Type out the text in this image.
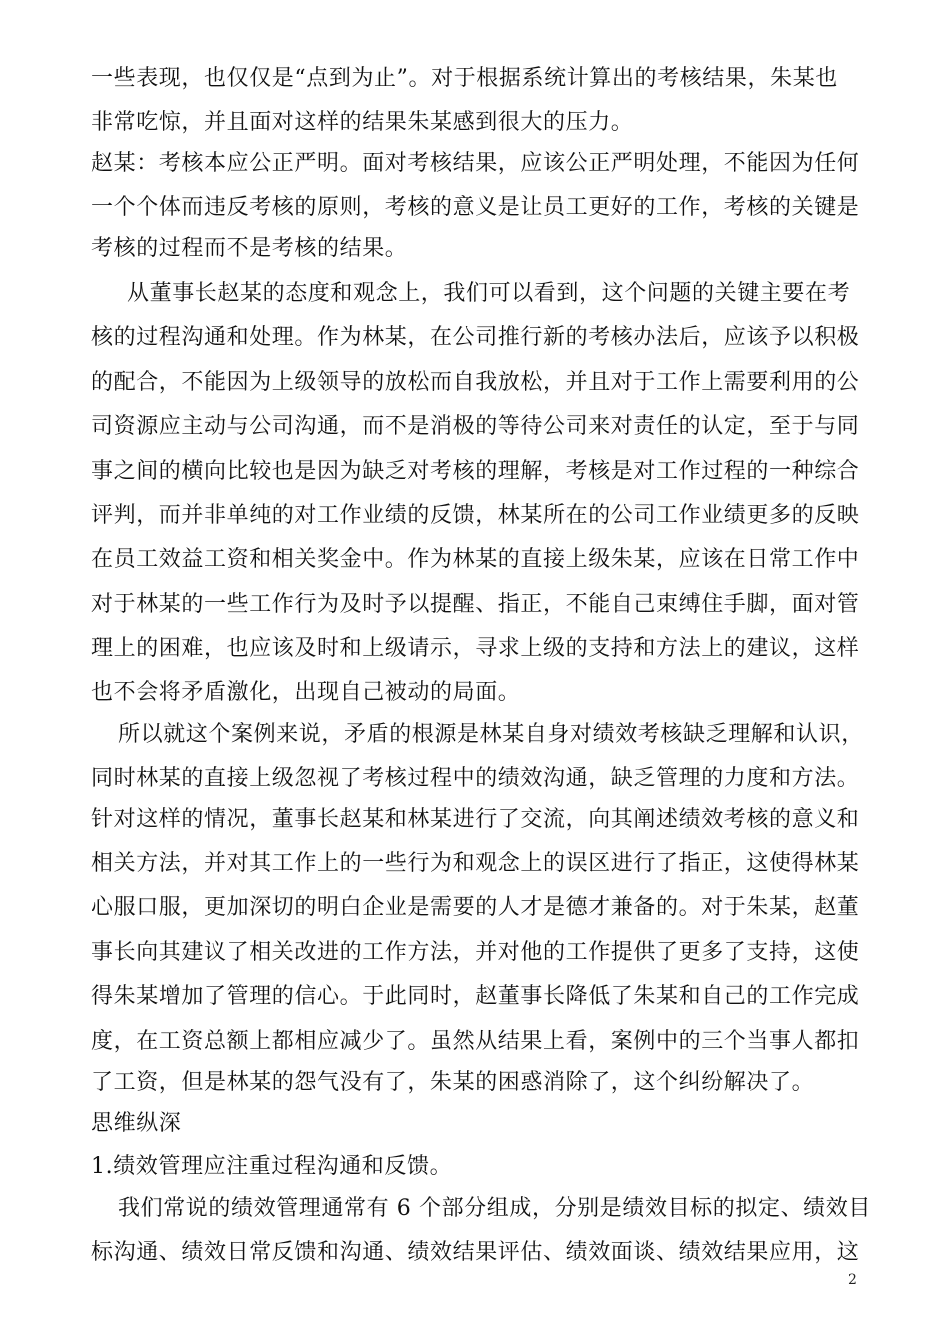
一些表现，也仅仅是“点到为止”。对于根据系统计算出的考核结果，朱某也
非常吃惊，并且面对这样的结果朱某感到很大的压力。
赵某：考核本应公正严明。面对考核结果，应该公正严明处理，不能因为任何
一个个体而违反考核的原则，考核的意义是让员工更好的工作，考核的关键是
考核的过程而不是考核的结果。
从董事长赵某的态度和观念上，我们可以看到，这个问题的关键主要在考
核的过程沟通和处理。作为林某，在公司推行新的考核办法后，应该予以积极
的配合，不能因为上级领导的放松而自我放松，并且对于工作上需要利用的公
司资源应主动与公司沟通，而不是消极的等待公司来对责任的认定，至于与同
事之间的横向比较也是因为缺乏对考核的理解，考核是对工作过程的一种综合
评判，而并非单纯的对工作业绩的反馈，林某所在的公司工作业绩更多的反映
在员工效益工资和相关奖金中。作为林某的直接上级朱某，应该在日常工作中
对于林某的一些工作行为及时予以提醒、指正，不能自己束缚住手脚，面对管
理上的困难，也应该及时和上级请示，寻求上级的支持和方法上的建议，这样
也不会将矛盾激化，出现自己被动的局面。
所以就这个案例来说，矛盾的根源是林某自身对绩效考核缺乏理解和认识，
同时林某的直接上级忽视了考核过程中的绩效沟通，缺乏管理的力度和方法。
针对这样的情况，董事长赵某和林某进行了交流，向其阐述绩效考核的意义和
相关方法，并对其工作上的一些行为和观念上的误区进行了指正，这使得林某
心服口服，更加深切的明白企业是需要的人才是德才兼备的。对于朱某，赵董
事长向其建议了相关改进的工作方法，并对他的工作提供了更多了支持，这使
得朱某增加了管理的信心。于此同时，赵董事长降低了朱某和自己的工作完成
度，在工资总额上都相应减少了。虽然从结果上看，案例中的三个当事人都扣
了工资，但是林某的怨气没有了，朱某的困惑消除了，这个纠纷解决了。
思维纵深
1.绩效管理应注重过程沟通和反馈。
我们常说的绩效管理通常有 6 个部分组成，分别是绩效目标的拟定、绩效目
标沟通、绩效日常反馈和沟通、绩效结果评估、绩效面谈、绩效结果应用，这
2
